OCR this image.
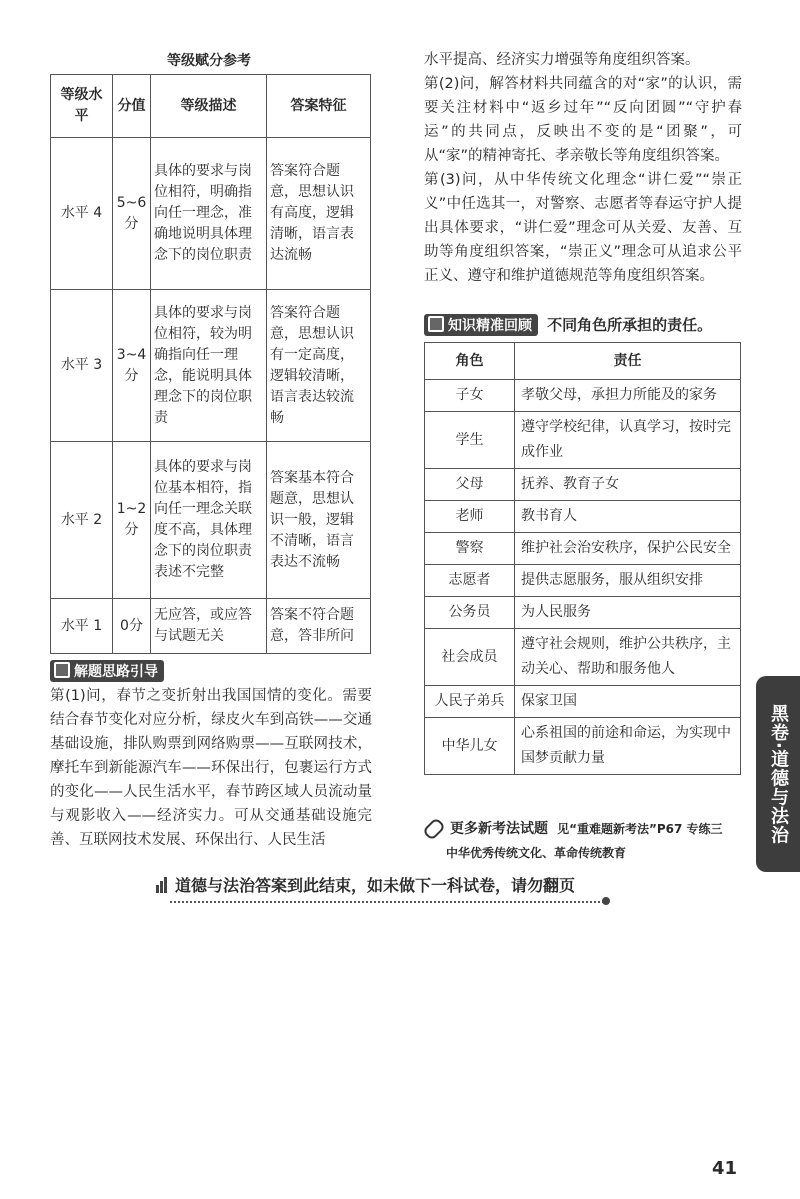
等级赋分参考
等级水平	分值	等级描述	答案特征
水平 4	5~6分	具体的要求与岗位相符，明确指向任一理念，准确地说明具体理念下的岗位职责	答案符合题意，思想认识有高度，逻辑清晰，语言表达流畅
水平 3	3~4分	具体的要求与岗位相符，较为明确指向任一理念，能说明具体理念下的岗位职责	答案符合题意，思想认识有一定高度，逻辑较清晰，语言表达较流畅
水平 2	1~2分	具体的要求与岗位基本相符，指向任一理念关联度不高，具体理念下的岗位职责表述不完整	答案基本符合题意，思想认识一般，逻辑不清晰，语言表达不流畅
水平 1	0分	无应答，或应答与试题无关	答案不符合题意，答非所问
解题思路引导
第(1)问，春节之变折射出我国国情的变化。需要结合春节变化对应分析，绿皮火车到高铁——交通基础设施，排队购票到网络购票——互联网技术，摩托车到新能源汽车——环保出行，包裹运行方式的变化——人民生活水平，春节跨区域人员流动量与观影收入——经济实力。可从交通基础设施完善、互联网技术发展、环保出行、人民生活
水平提高、经济实力增强等角度组织答案。
第(2)问，解答材料共同蕴含的对“家”的认识，需要关注材料中“返乡过年”“反向团圆”“守护春运”的共同点，反映出不变的是“团聚”，可从“家”的精神寄托、孝亲敬长等角度组织答案。
第(3)问，从中华传统文化理念“讲仁爱”“崇正义”中任选其一，对警察、志愿者等春运守护人提出具体要求，“讲仁爱”理念可从关爱、友善、互助等角度组织答案，“崇正义”理念可从追求公平正义、遵守和维护道德规范等角度组织答案。
知识精准回顾 不同角色所承担的责任。
角色	责任
子女	孝敬父母，承担力所能及的家务
学生	遵守学校纪律，认真学习，按时完成作业
父母	抚养、教育子女
老师	教书育人
警察	维护社会治安秩序，保护公民安全
志愿者	提供志愿服务，服从组织安排
公务员	为人民服务
社会成员	遵守社会规则，维护公共秩序，主动关心、帮助和服务他人
人民子弟兵	保家卫国
中华儿女	心系祖国的前途和命运，为实现中国梦贡献力量
更多新考法试题 见“重难题新考法”P67 专练三
中华优秀传统文化、革命传统教育
黑卷·道德与法治
道德与法治答案到此结束，如未做下一科试卷，请勿翻页
41
